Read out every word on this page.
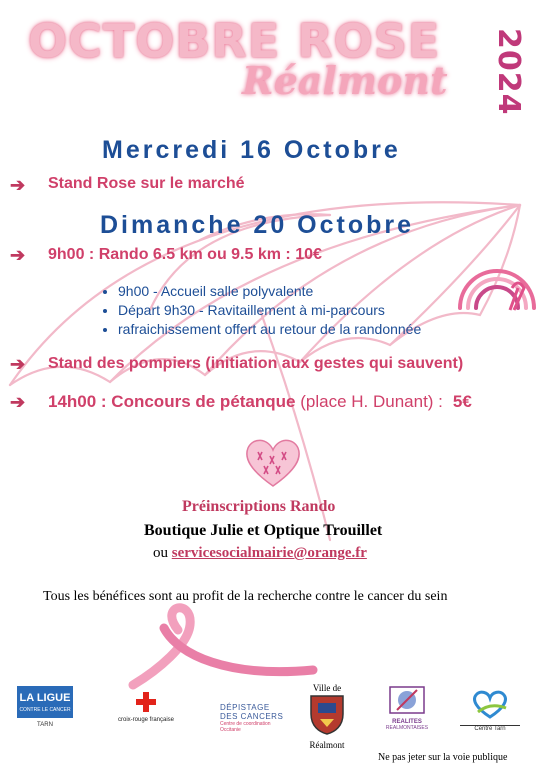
OCTOBRE ROSE
Réalmont 2024
Mercredi 16 Octobre
➔ Stand Rose sur le marché
Dimanche 20 Octobre
➔ 9h00 : Rando 6.5 km ou 9.5 km : 10€
• 9h00 - Accueil salle polyvalente
• Départ 9h30 - Ravitaillement à mi-parcours
• rafraichissement offert au retour de la randonnée
➔ Stand des pompiers (initiation aux gestes qui sauvent)
➔ 14h00 : Concours de pétanque (place H. Dunant) : 5€
Préinscriptions Rando
Boutique Julie et Optique Trouillet
ou servicesocialmairie@orange.fr
Tous les bénéfices sont au profit de la recherche contre le cancer du sein
LA LIGUE
CONTRE LE CANCER
TARN
croix-rouge française
DÉPISTAGE
DES CANCERS
Centre de coordination
Occitanie
Ville de
Réalmont
REALITES
REALMONTAISES	Centre Tarn
Ne pas jeter sur la voie publique
